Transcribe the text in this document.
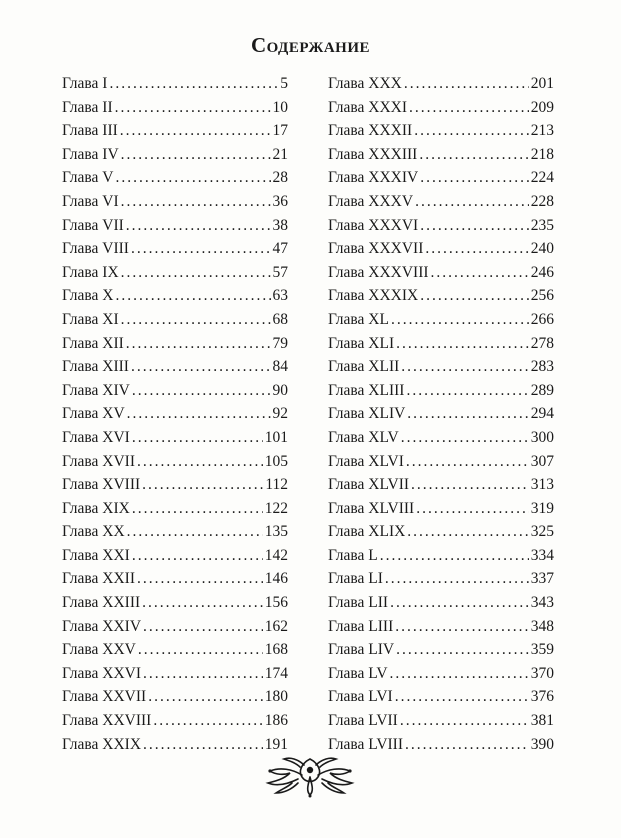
Содержание
Глава I .....	5
Глава II .....	10
Глава III .....	17
Глава IV .....	21
Глава V .....	28
Глава VI .....	36
Глава VII .....	38
Глава VIII .....	47
Глава IX .....	57
Глава X .....	63
Глава XI .....	68
Глава XII .....	79
Глава XIII .....	84
Глава XIV .....	90
Глава XV .....	92
Глава XVI .....	101
Глава XVII .....	105
Глава XVIII .....	112
Глава XIX .....	122
Глава XX .....	135
Глава XXI .....	142
Глава XXII .....	146
Глава XXIII .....	156
Глава XXIV .....	162
Глава XXV .....	168
Глава XXVI .....	174
Глава XXVII .....	180
Глава XXVIII .....	186
Глава XXIX .....	191
Глава XXX .....	201
Глава XXXI .....	209
Глава XXXII .....	213
Глава XXXIII .....	218
Глава XXXIV .....	224
Глава XXXV .....	228
Глава XXXVI .....	235
Глава XXXVII .....	240
Глава XXXVIII .....	246
Глава XXXIX .....	256
Глава XL .....	266
Глава XLI .....	278
Глава XLII .....	283
Глава XLIII .....	289
Глава XLIV .....	294
Глава XLV .....	300
Глава XLVI .....	307
Глава XLVII .....	313
Глава XLVIII .....	319
Глава XLIX .....	325
Глава L .....	334
Глава LI .....	337
Глава LII .....	343
Глава LIII .....	348
Глава LIV .....	359
Глава LV .....	370
Глава LVI .....	376
Глава LVII .....	381
Глава LVIII .....	390
